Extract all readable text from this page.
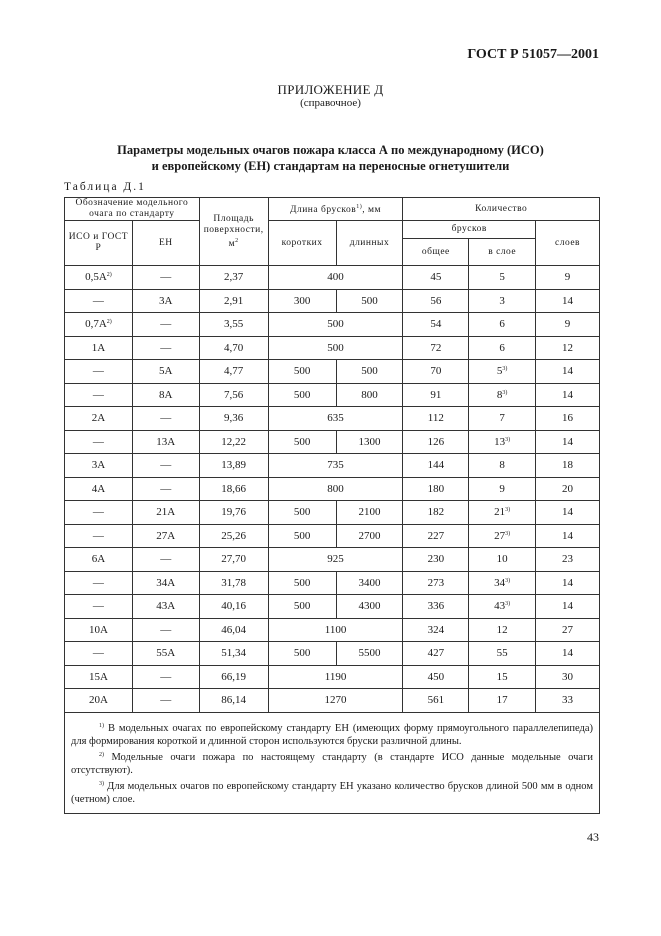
ГОСТ Р 51057—2001
ПРИЛОЖЕНИЕ Д
(справочное)
Параметры модельных очагов пожара класса А по международному (ИСО)
и европейскому (ЕН) стандартам на переносные огнетушители
Таблица Д.1
Обозначение модельного очага по стандарту		Площадь поверхности, $м^2$	Длина брусков$^{1)}$, мм		Количество		
ИСО и ГОСТ Р	ЕН		коротких	длинных	брусков		слоев
					общее	в слое	
$0,5А^{2)}$	—	2,37	400		45	5	9
—	3А	2,91	300	500	56	3	14
$0,7А^{2)}$	—	3,55	500		54	6	9
1А	—	4,70	500		72	6	12
—	5А	4,77	500	500	70	5$^{3)}$	14
—	8А	7,56	500	800	91	8$^{3)}$	14
2А	—	9,36	635		112	7	16
—	13А	12,22	500	1300	126	13$^{3)}$	14
3А	—	13,89	735		144	8	18
4А	—	18,66	800		180	9	20
—	21А	19,76	500	2100	182	21$^{3)}$	14
—	27А	25,26	500	2700	227	27$^{3)}$	14
6А	—	27,70	925		230	10	23
—	34А	31,78	500	3400	273	34$^{3)}$	14
—	43А	40,16	500	4300	336	43$^{3)}$	14
10А	—	46,04	1100		324	12	27
—	55А	51,34	500	5500	427	55	14
15А	—	66,19	1190		450	15	30
20А	—	86,14	1270		561	17	33

$^{1)}$ В модельных очагах по европейскому стандарту ЕН (имеющих форму прямоугольного параллелепипеда) для формирования короткой и длинной сторон используются бруски различной длины.

$^{2)}$ Модельные очаги пожара по настоящему стандарту (в стандарте ИСО данные модельные очаги отсутствуют).

$^{3)}$ Для модельных очагов по европейскому стандарту ЕН указано количество брусков длиной 500 мм в одном (четном) слое.							

43
